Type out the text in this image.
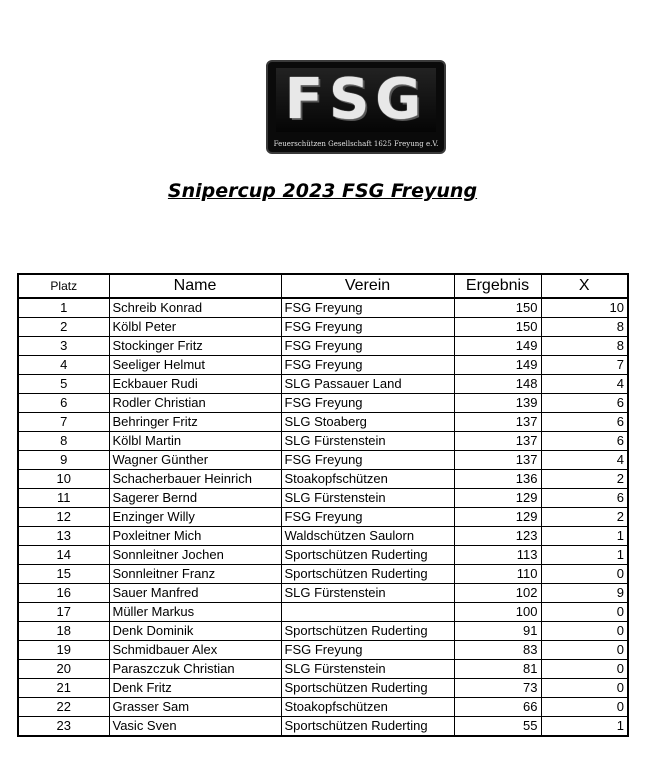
FSG
Feuerschützen Gesellschaft 1625 Freyung e.V.
Snipercup 2023 FSG Freyung
Platz	Name	Verein	Ergebnis	X
1	Schreib Konrad	FSG Freyung	150	10
2	Kölbl Peter	FSG Freyung	150	8
3	Stockinger Fritz	FSG Freyung	149	8
4	Seeliger Helmut	FSG Freyung	149	7
5	Eckbauer Rudi	SLG Passauer Land	148	4
6	Rodler Christian	FSG Freyung	139	6
7	Behringer Fritz	SLG Stoaberg	137	6
8	Kölbl Martin	SLG Fürstenstein	137	6
9	Wagner Günther	FSG Freyung	137	4
10	Schacherbauer Heinrich	Stoakopfschützen	136	2
11	Sagerer Bernd	SLG Fürstenstein	129	6
12	Enzinger Willy	FSG Freyung	129	2
13	Poxleitner Mich	Waldschützen Saulorn	123	1
14	Sonnleitner Jochen	Sportschützen Ruderting	113	1
15	Sonnleitner Franz	Sportschützen Ruderting	110	0
16	Sauer Manfred	SLG Fürstenstein	102	9
17	Müller Markus		100	0
18	Denk Dominik	Sportschützen Ruderting	91	0
19	Schmidbauer Alex	FSG Freyung	83	0
20	Paraszczuk Christian	SLG Fürstenstein	81	0
21	Denk Fritz	Sportschützen Ruderting	73	0
22	Grasser Sam	Stoakopfschützen	66	0
23	Vasic Sven	Sportschützen Ruderting	55	1
